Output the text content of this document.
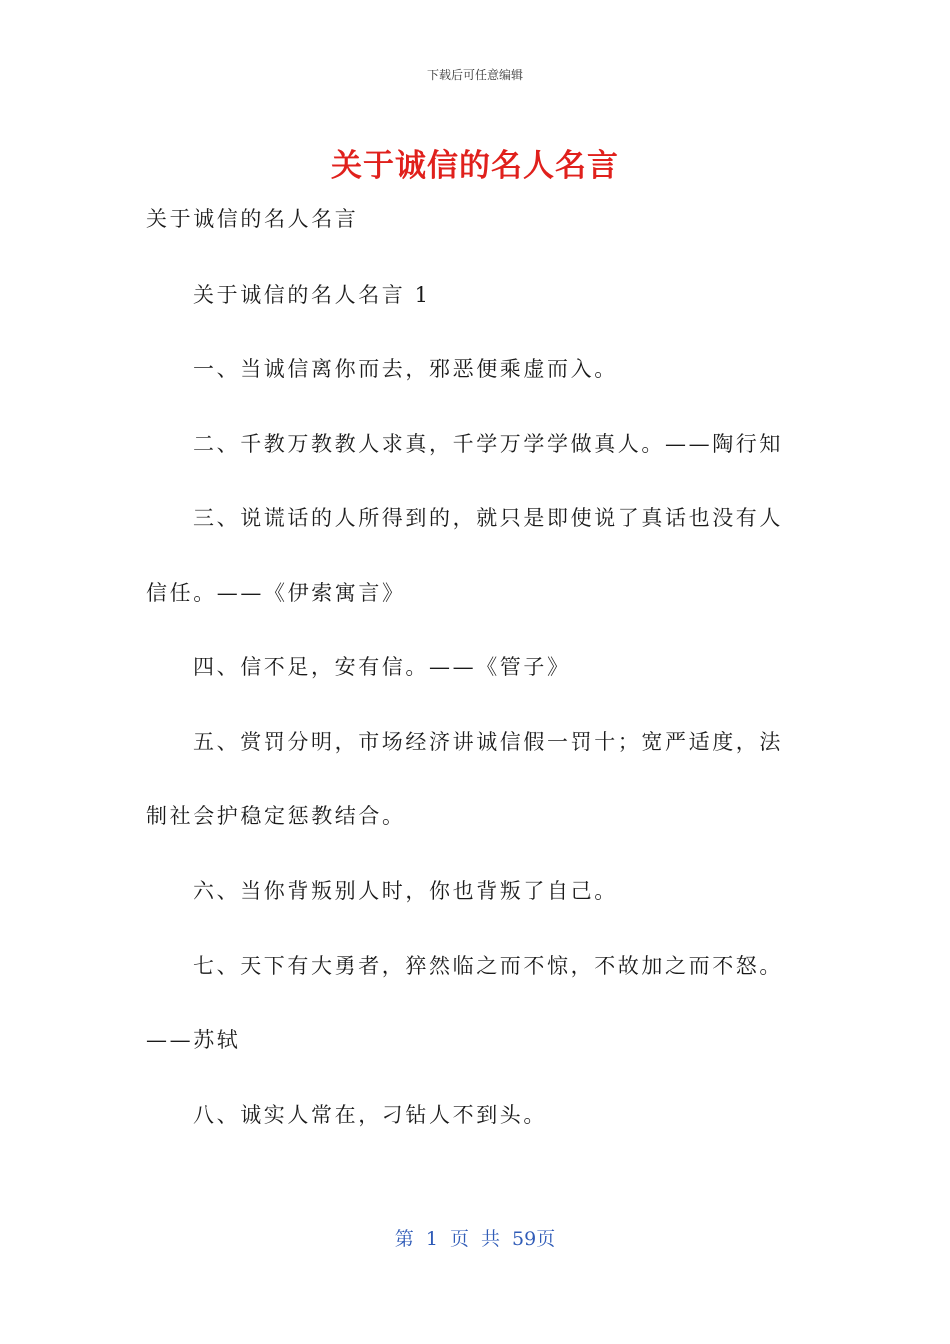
下载后可任意编辑
关于诚信的名人名言
关于诚信的名人名言
关于诚信的名人名言 1
一、当诚信离你而去，邪恶便乘虚而入。
二、千教万教教人求真，千学万学学做真人。——陶行知
三、说谎话的人所得到的，就只是即使说了真话也没有人
信任。——《伊索寓言》
四、信不足，安有信。——《管子》
五、赏罚分明，市场经济讲诚信假一罚十；宽严适度，法
制社会护稳定惩教结合。
六、当你背叛别人时，你也背叛了自己。
七、天下有大勇者，猝然临之而不惊，不故加之而不怒。
——苏轼
八、诚实人常在，刁钻人不到头。
第 1 页 共 59页
